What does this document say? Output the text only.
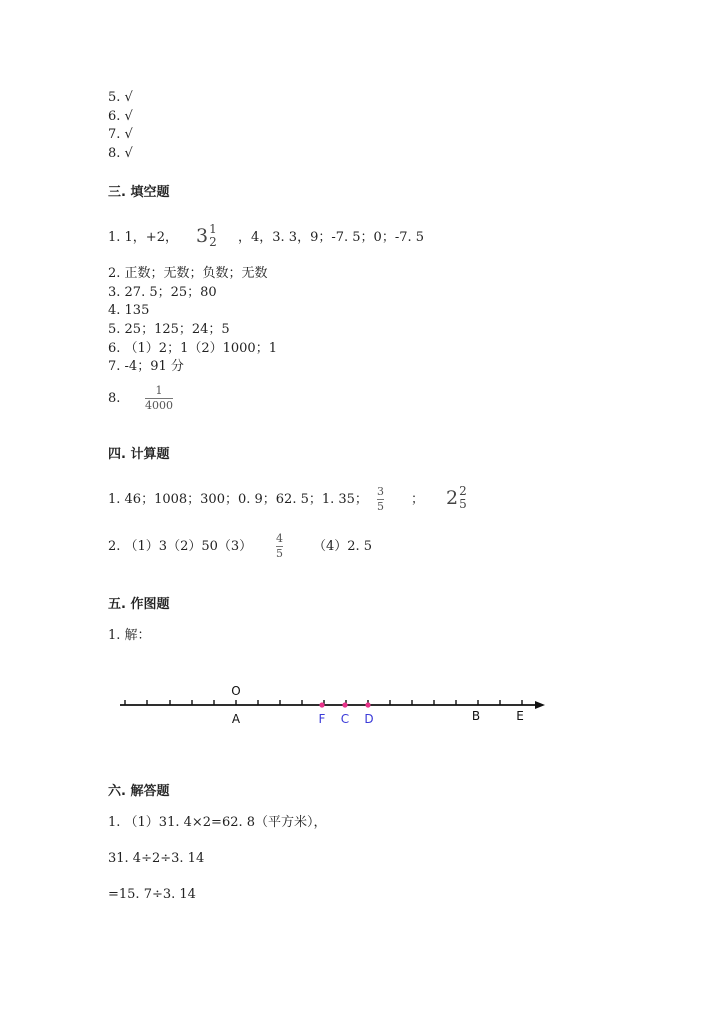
5. √
6. √
7. √
8. √
三. 填空题
1. 1，+2， 3 1
2 ，4，3. 3，9；-7. 5；0；-7. 5
2. 正数；无数；负数；无数
3. 27. 5；25；80
4. 135
5. 25；125；24；5
6. （1）2；1（2）1000；1
7. -4；91 分
8.
1
4000
四. 计算题
1. 46；1008；300；0. 9；62. 5；1. 35；
3
5 ； 2 2
5
2. （1）3（2）50（3）
4
5 （4）2. 5
五. 作图题
1. 解：
O
A	F C D	B	E
六. 解答题
1. （1）31. 4×2=62. 8（平方米），
31. 4÷2÷3. 14
=15. 7÷3. 14
